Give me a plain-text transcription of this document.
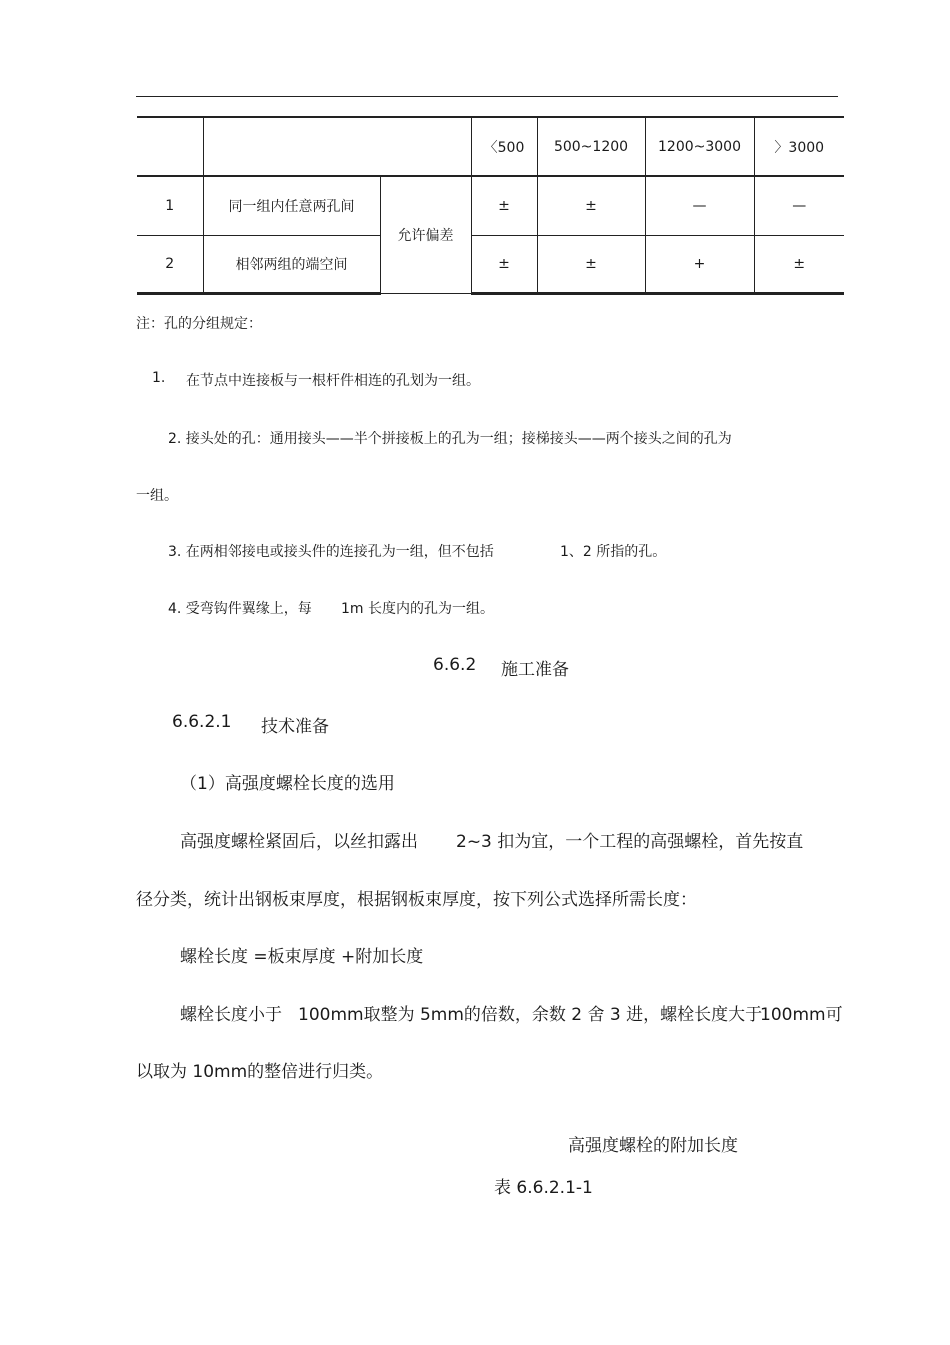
			〈500	500~1200	1200~3000	〉3000
1	同一组内任意两孔间	允许偏差	±	±	—	—
2	相邻两组的端空间		±	±	+	±
注：孔的分组规定：
1. 在节点中连接板与一根杆件相连的孔划为一组。
2. 接头处的孔：通用接头——半个拼接板上的孔为一组；接梯接头——两个接头之间的孔为
一组。
3. 在两相邻接电或接头件的连接孔为一组，但不包括	1、2 所指的孔。
4. 受弯钩件翼缘上，每 1m 长度内的孔为一组。
6.6.2 施工准备
6.6.2.1 技术准备
（1）高强度螺栓长度的选用
高强度螺栓紧固后，以丝扣露出 2~3 扣为宜，一个工程的高强螺栓，首先按直
径分类，统计出钢板束厚度，根据钢板束厚度，按下列公式选择所需长度：
螺栓长度 =板束厚度 +附加长度
螺栓长度小于 100mm取整为 5mm的倍数，余数 2 舍 3 进，螺栓长度大于
100mm可
以取为 10mm的整倍进行归类。
高强度螺栓的附加长度
表 6.6.2.1-1
